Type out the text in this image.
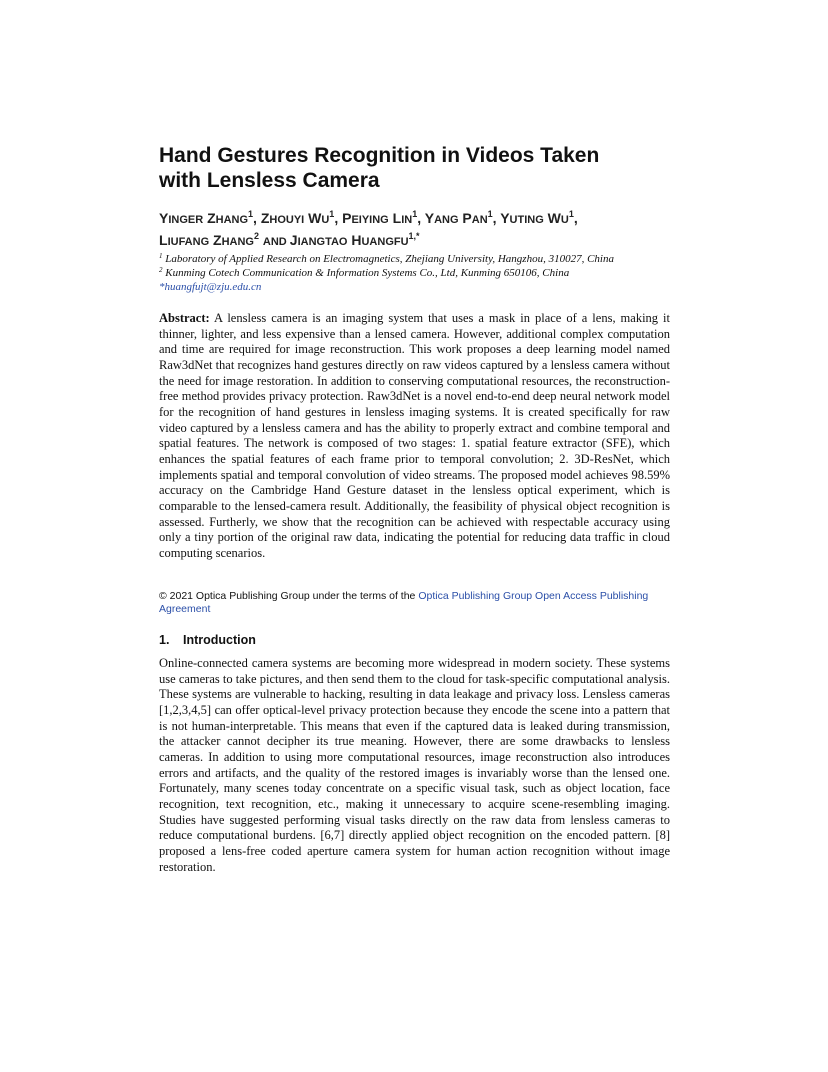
Hand Gestures Recognition in Videos Taken
with Lensless Camera
YINGER ZHANG$^1$, ZHOUYI $WU^1$, PEIYING LIN$^1$, YANG PAN$^1$, YUTING $WU^1$,
LIUFANG ZHANG$^2$ AND JIANGTAO $HUANGFU^{1,*}$
$^1$ Laboratory of Applied Research on Electromagnetics, Zhejiang University, Hangzhou, 310027, China
$^2$ Kunming Cotech Communication & Information Systems Co., Ltd, Kunming 650106, China
*huangfujt@zju.edu.cn
Abstract: A lensless camera is an imaging system that uses a mask in place of a lens, making it thinner, lighter, and less expensive than a lensed camera. However, additional complex computation and time are required for image reconstruction. This work proposes a deep learning model named Raw3dNet that recognizes hand gestures directly on raw videos captured by a lensless camera without the need for image restoration. In addition to conserving computational resources, the reconstruction-free method provides privacy protection. Raw3dNet is a novel end-to-end deep neural network model for the recognition of hand gestures in lensless imaging systems. It is created specifically for raw video captured by a lensless camera and has the ability to properly extract and combine temporal and spatial features. The network is composed of two stages: 1. spatial feature extractor (SFE), which enhances the spatial features of each frame prior to temporal convolution; 2. 3D-ResNet, which implements spatial and temporal convolution of video streams. The proposed model achieves 98.59% accuracy on the Cambridge Hand Gesture dataset in the lensless optical experiment, which is comparable to the lensed-camera result. Additionally, the feasibility of physical object recognition is assessed. Furtherly, we show that the recognition can be achieved with respectable accuracy using only a tiny portion of the original raw data, indicating the potential for reducing data traffic in cloud computing scenarios.
© 2021 Optica Publishing Group under the terms of the Optica Publishing Group Open Access Publishing Agreement
1. Introduction
Online-connected camera systems are becoming more widespread in modern society. These systems use cameras to take pictures, and then send them to the cloud for task-specific computational analysis. These systems are vulnerable to hacking, resulting in data leakage and privacy loss. Lensless cameras [1,2,3,4,5] can offer optical-level privacy protection because they encode the scene into a pattern that is not human-interpretable. This means that even if the captured data is leaked during transmission, the attacker cannot decipher its true meaning. However, there are some drawbacks to lensless cameras. In addition to using more computational resources, image reconstruction also introduces errors and artifacts, and the quality of the restored images is invariably worse than the lensed one. Fortunately, many scenes today concentrate on a specific visual task, such as object location, face recognition, text recognition, etc., making it unnecessary to acquire scene-resembling imaging. Studies have suggested performing visual tasks directly on the raw data from lensless cameras to reduce computational burdens. [6,7] directly applied object recognition on the encoded pattern. [8] proposed a lens-free coded aperture camera system for human action recognition without image restoration.
